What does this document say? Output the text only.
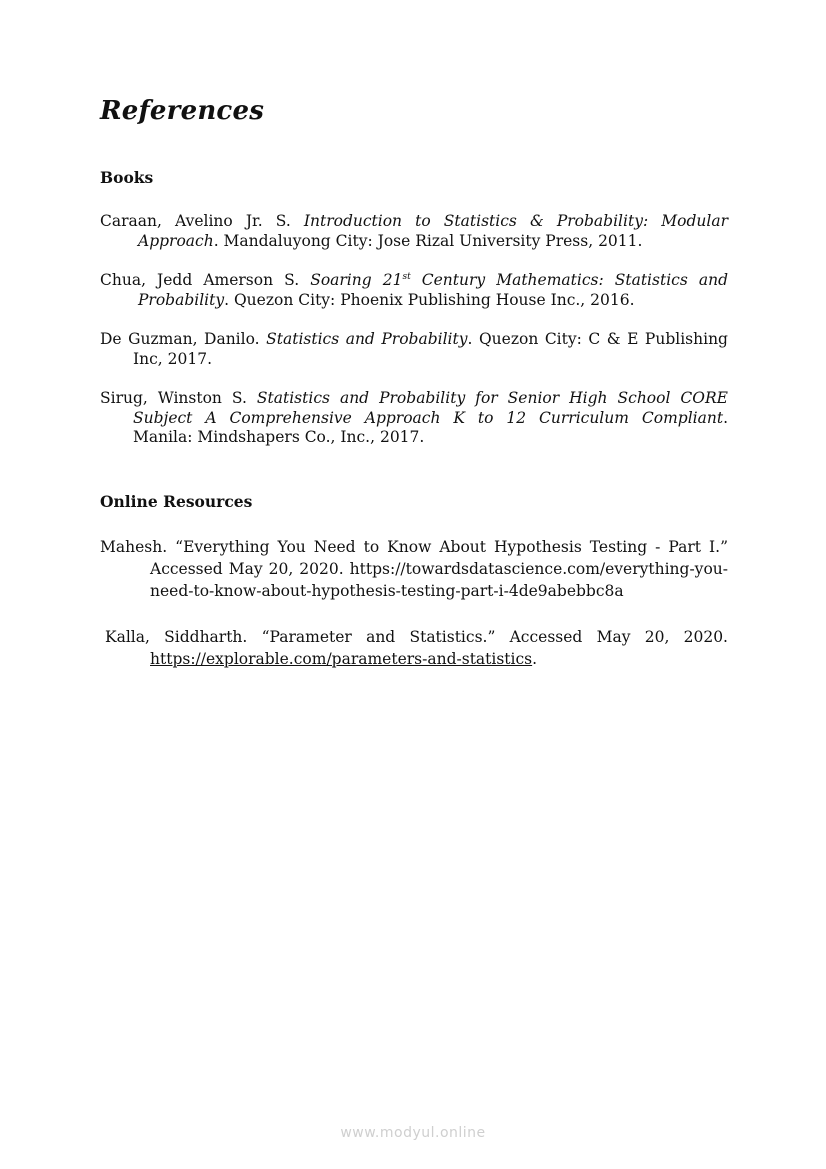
References
Books

Caraan, Avelino Jr. S. Introduction to Statistics & Probability: Modular Approach. Mandaluyong City: Jose Rizal University Press, 2011.

Chua, Jedd Amerson S. Soaring 21st Century Mathematics: Statistics and Probability. Quezon City: Phoenix Publishing House Inc., 2016.

De Guzman, Danilo. Statistics and Probability. Quezon City: C & E Publishing Inc, 2017.

Sirug, Winston S. Statistics and Probability for Senior High School CORE Subject A Comprehensive Approach K to 12 Curriculum Compliant. Manila: Mindshapers Co., Inc., 2017.

Online Resources

Mahesh. “Everything You Need to Know About Hypothesis Testing - Part I.” Accessed May 20, 2020. https://towardsdatascience.com/everything-you-need-to-know-about-hypothesis-testing-part-i-4de9abebbc8a

Kalla, Siddharth. “Parameter and Statistics.” Accessed May 20, 2020. https://explorable.com/parameters-and-statistics.

www.modyul.online
